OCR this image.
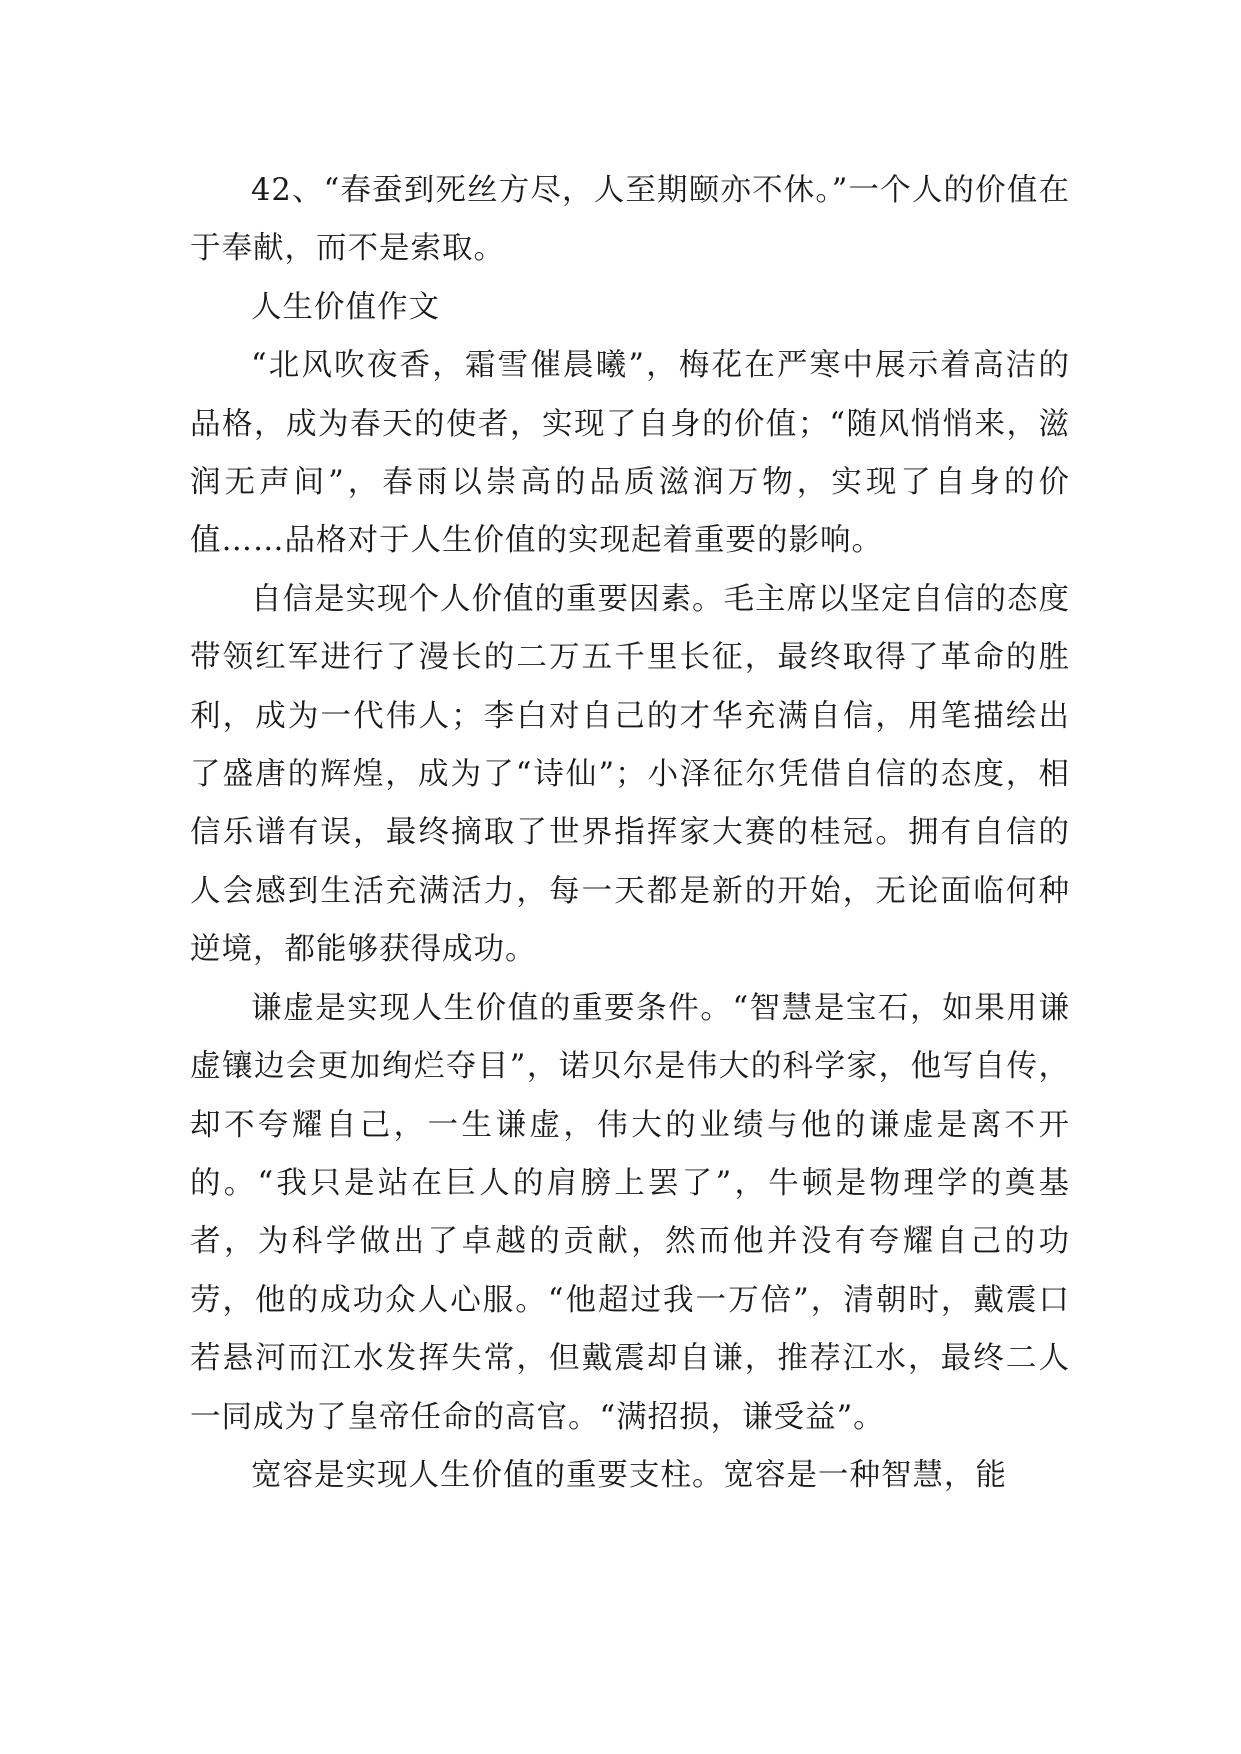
42、“春蚕到死丝方尽，人至期颐亦不休。”一个人的价值在于奉献，而不是索取。

人生价值作文

“北风吹夜香，霜雪催晨曦”，梅花在严寒中展示着高洁的品格，成为春天的使者，实现了自身的价值；“随风悄悄来，滋润无声间”，春雨以崇高的品质滋润万物，实现了自身的价值……品格对于人生价值的实现起着重要的影响。

自信是实现个人价值的重要因素。毛主席以坚定自信的态度带领红军进行了漫长的二万五千里长征，最终取得了革命的胜利，成为一代伟人；李白对自己的才华充满自信，用笔描绘出了盛唐的辉煌，成为了“诗仙”；小泽征尔凭借自信的态度，相信乐谱有误，最终摘取了世界指挥家大赛的桂冠。拥有自信的人会感到生活充满活力，每一天都是新的开始，无论面临何种逆境，都能够获得成功。

谦虚是实现人生价值的重要条件。“智慧是宝石，如果用谦虚镶边会更加绚烂夺目”，诺贝尔是伟大的科学家，他写自传，却不夸耀自己，一生谦虚，伟大的业绩与他的谦虚是离不开的。“我只是站在巨人的肩膀上罢了”，牛顿是物理学的奠基者，为科学做出了卓越的贡献，然而他并没有夸耀自己的功劳，他的成功众人心服。“他超过我一万倍”，清朝时，戴震口若悬河而江水发挥失常，但戴震却自谦，推荐江水，最终二人一同成为了皇帝任命的高官。“满招损，谦受益”。

宽容是实现人生价值的重要支柱。宽容是一种智慧，能
